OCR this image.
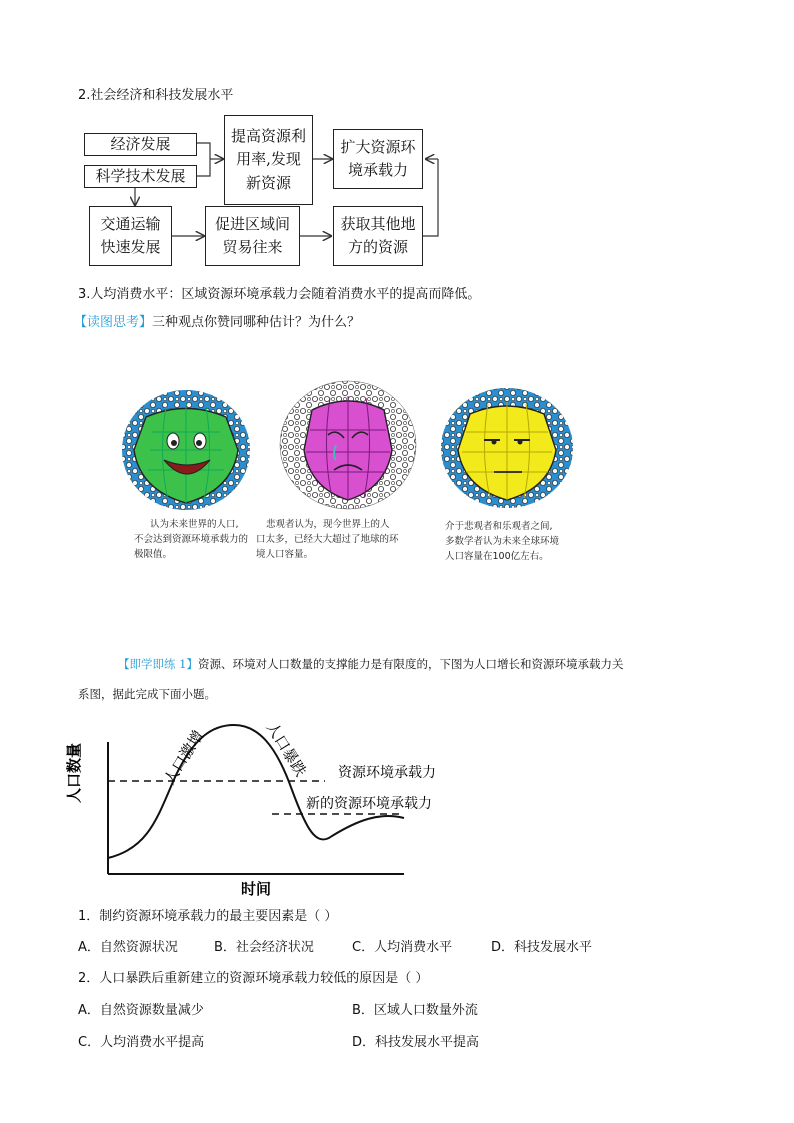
2.社会经济和科技发展水平
经济发展
科学技术发展
提高资源利
用率,发现
新资源
扩大资源环
境承载力
交通运输
快速发展
促进区域间
贸易往来
获取其他地
方的资源
3.人均消费水平：区域资源环境承载力会随着消费水平的提高而降低。
【读图思考】三种观点你赞同哪种估计？为什么？
认为未来世界的人口,
不会达到资源环境承载力的
极限值。
悲观者认为，现今世界上的人
口太多，已经大大超过了地球的环
境人口容量。
介于悲观者和乐观者之间,
多数学者认为未来全球环境
人口容量在100亿左右。
【即学即练 1】资源、环境对人口数量的支撑能力是有限度的，下图为人口增长和资源环境承载力关
系图，据此完成下面小题。
人口数量
时间
人口激增	人口暴跌 资源环境承载力
新的资源环境承载力
1．制约资源环境承载力的最主要因素是（ ）
A．自然资源状况	B．社会经济状况	C．人均消费水平	D．科技发展水平
2．人口暴跌后重新建立的资源环境承载力较低的原因是（ ）
A．自然资源数量减少	B．区域人口数量外流
C．人均消费水平提高	D．科技发展水平提高
